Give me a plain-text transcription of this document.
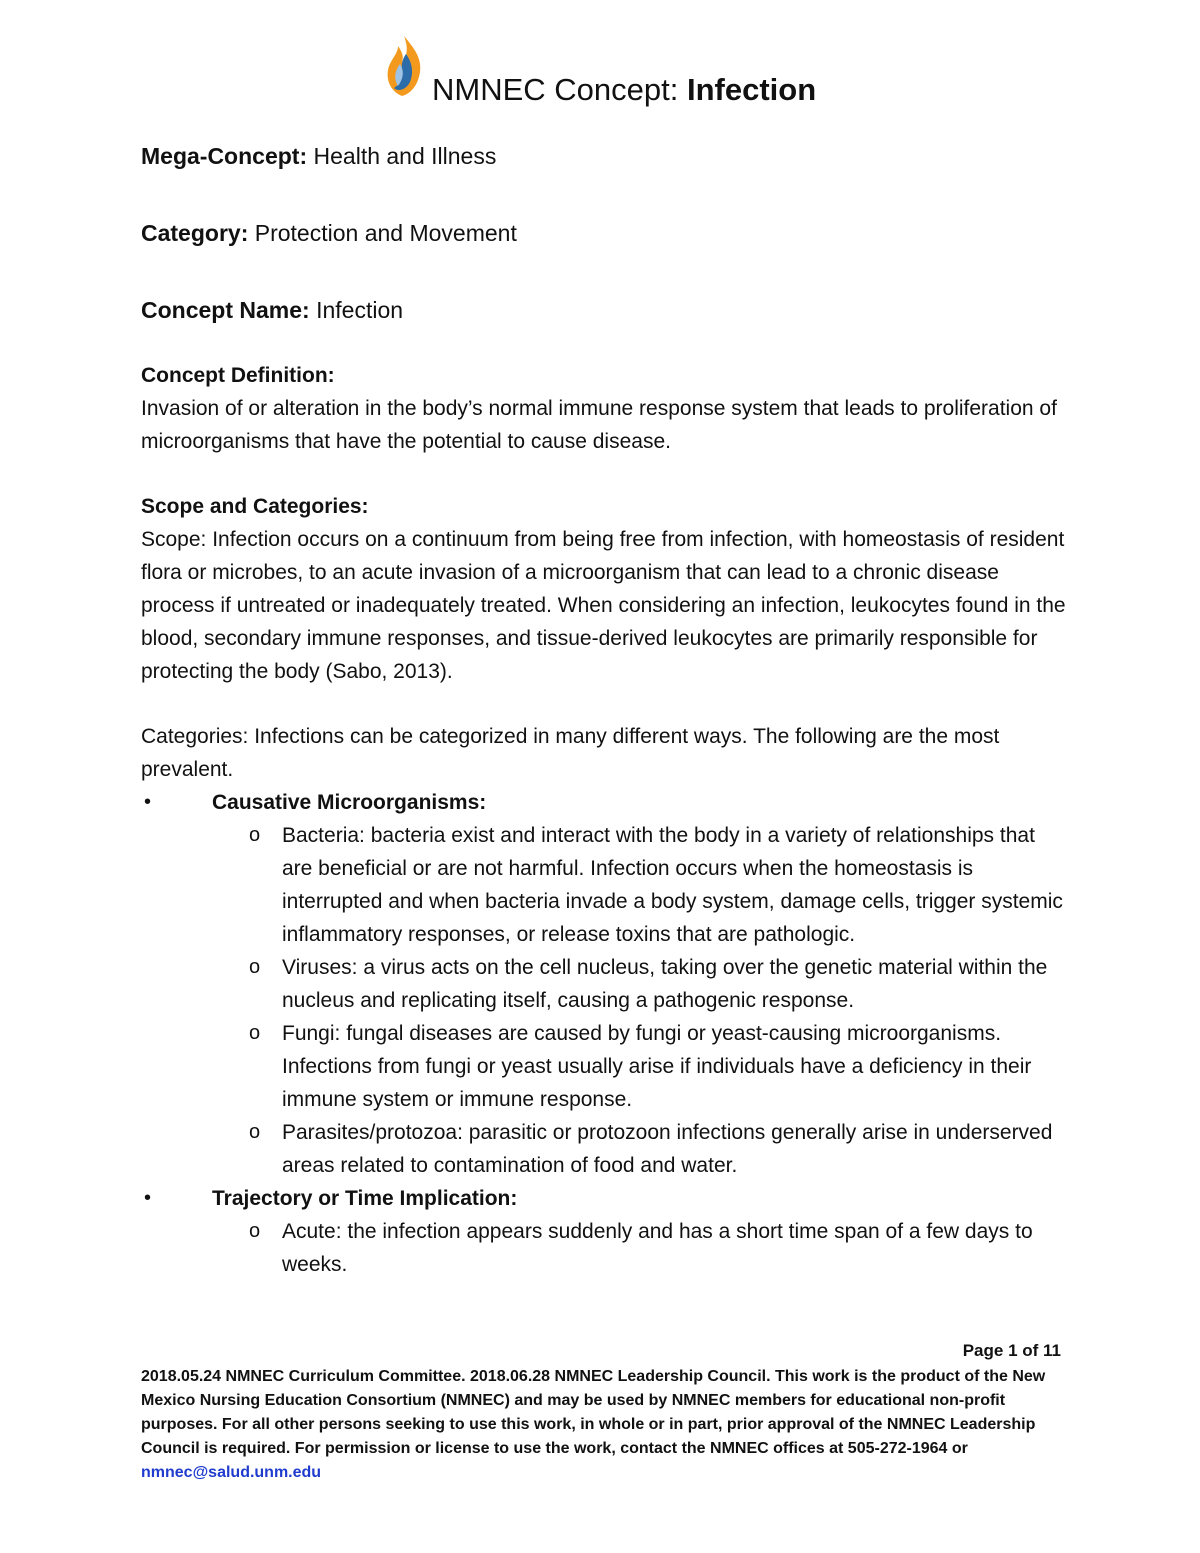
NMNEC Concept: Infection

Mega-Concept: Health and Illness

Category: Protection and Movement

Concept Name: Infection

Concept Definition:

Invasion of or alteration in the body’s normal immune response system that leads to proliferation of microorganisms that have the potential to cause disease.

Scope and Categories:

Scope: Infection occurs on a continuum from being free from infection, with homeostasis of resident flora or microbes, to an acute invasion of a microorganism that can lead to a chronic disease process if untreated or inadequately treated. When considering an infection, leukocytes found in the blood, secondary immune responses, and tissue-derived leukocytes are primarily responsible for protecting the body (Sabo, 2013).

Categories: Infections can be categorized in many different ways. The following are the most prevalent.

•	Causative Microorganisms:
o Bacteria: bacteria exist and interact with the body in a variety of relationships that are beneficial or are not harmful. Infection occurs when the homeostasis is interrupted and when bacteria invade a body system, damage cells, trigger systemic inflammatory responses, or release toxins that are pathologic.
o Viruses: a virus acts on the cell nucleus, taking over the genetic material within the nucleus and replicating itself, causing a pathogenic response.
o Fungi: fungal diseases are caused by fungi or yeast-causing microorganisms. Infections from fungi or yeast usually arise if individuals have a deficiency in their immune system or immune response.
o Parasites/protozoa: parasitic or protozoon infections generally arise in underserved areas related to contamination of food and water.
•	Trajectory or Time Implication:
o Acute: the infection appears suddenly and has a short time span of a few days to weeks.
Page 1 of 11
2018.05.24 NMNEC Curriculum Committee. 2018.06.28 NMNEC Leadership Council. This work is the product of the New Mexico Nursing Education Consortium (NMNEC) and may be used by NMNEC members for educational non-profit purposes. For all other persons seeking to use this work, in whole or in part, prior approval of the NMNEC Leadership Council is required. For permission or license to use the work, contact the NMNEC offices at 505-272-1964 or nmnec@salud.unm.edu
